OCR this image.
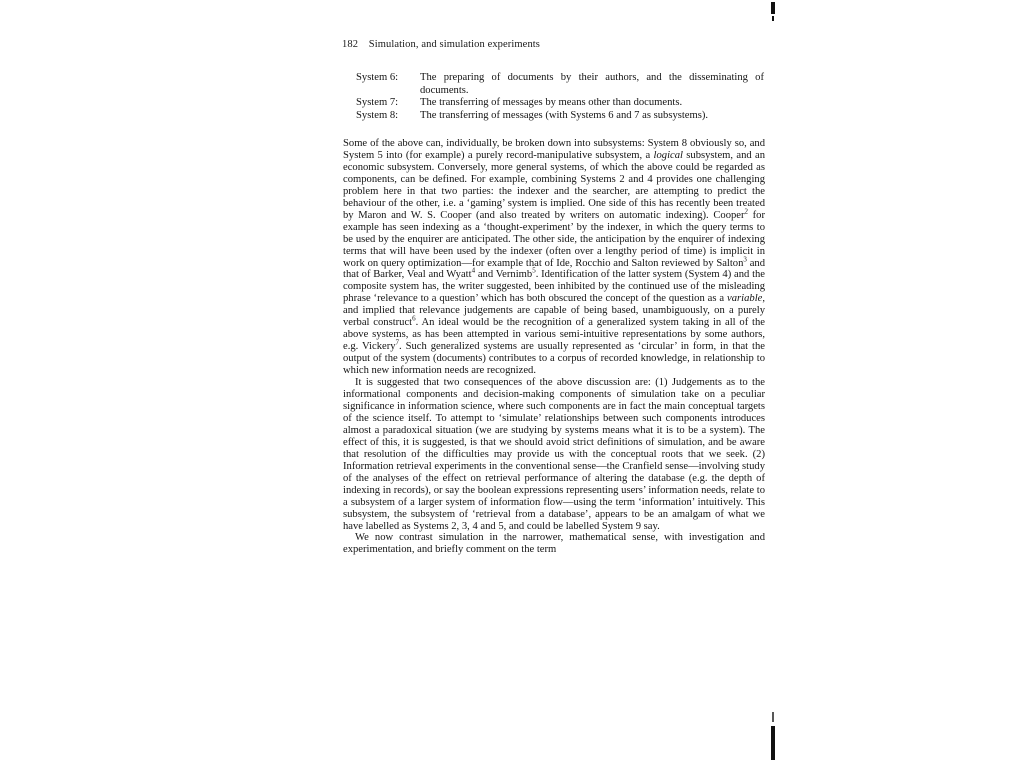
182 Simulation, and simulation experiments
System 6:	The preparing of documents by their authors, and the disseminating of documents.
System 7:	The transferring of messages by means other than documents.
System 8:	The transferring of messages (with Systems 6 and 7 as subsystems).

Some of the above can, individually, be broken down into subsystems: System 8 obviously so, and System 5 into (for example) a purely record-manipulative subsystem, a logical subsystem, and an economic subsystem. Conversely, more general systems, of which the above could be regarded as components, can be defined. For example, combining Systems 2 and 4 provides one challenging problem here in that two parties: the indexer and the searcher, are attempting to predict the behaviour of the other, i.e. a ‘gaming’ system is implied. One side of this has recently been treated by Maron and W. S. Cooper (and also treated by writers on automatic indexing). Cooper$^2$ for example has seen indexing as a ‘thought-experiment’ by the indexer, in which the query terms to be used by the enquirer are anticipated. The other side, the anticipation by the enquirer of indexing terms that will have been used by the indexer (often over a lengthy period of time) is implicit in work on query optimization—for example that of Ide, Rocchio and Salton reviewed by Salton$^3$ and that of Barker, Veal and Wyatt$^4$ and Vernimb$^5$. Identification of the latter system (System 4) and the composite system has, the writer suggested, been inhibited by the continued use of the misleading phrase ‘relevance to a question’ which has both obscured the concept of the question as a variable, and implied that relevance judgements are capable of being based, unambiguously, on a purely verbal construct$^6$. An ideal would be the recognition of a generalized system taking in all of the above systems, as has been attempted in various semi-intuitive representations by some authors, e.g. Vickery$^7$. Such generalized systems are usually represented as ‘circular’ in form, in that the output of the system (documents) contributes to a corpus of recorded knowledge, in relationship to which new information needs are recognized.

It is suggested that two consequences of the above discussion are: (1) Judgements as to the informational components and decision-making components of simulation take on a peculiar significance in information science, where such components are in fact the main conceptual targets of the science itself. To attempt to ‘simulate’ relationships between such components introduces almost a paradoxical situation (we are studying by systems means what it is to be a system). The effect of this, it is suggested, is that we should avoid strict definitions of simulation, and be aware that resolution of the difficulties may provide us with the conceptual roots that we seek. (2) Information retrieval experiments in the conventional sense—the Cranfield sense—involving study of the analyses of the effect on retrieval performance of altering the database (e.g. the depth of indexing in records), or say the boolean expressions representing users’ information needs, relate to a subsystem of a larger system of information flow—using the term ‘information’ intuitively. This subsystem, the subsystem of ‘retrieval from a database’, appears to be an amalgam of what we have labelled as Systems 2, 3, 4 and 5, and could be labelled System 9 say.

We now contrast simulation in the narrower, mathematical sense, with investigation and experimentation, and briefly comment on the term
